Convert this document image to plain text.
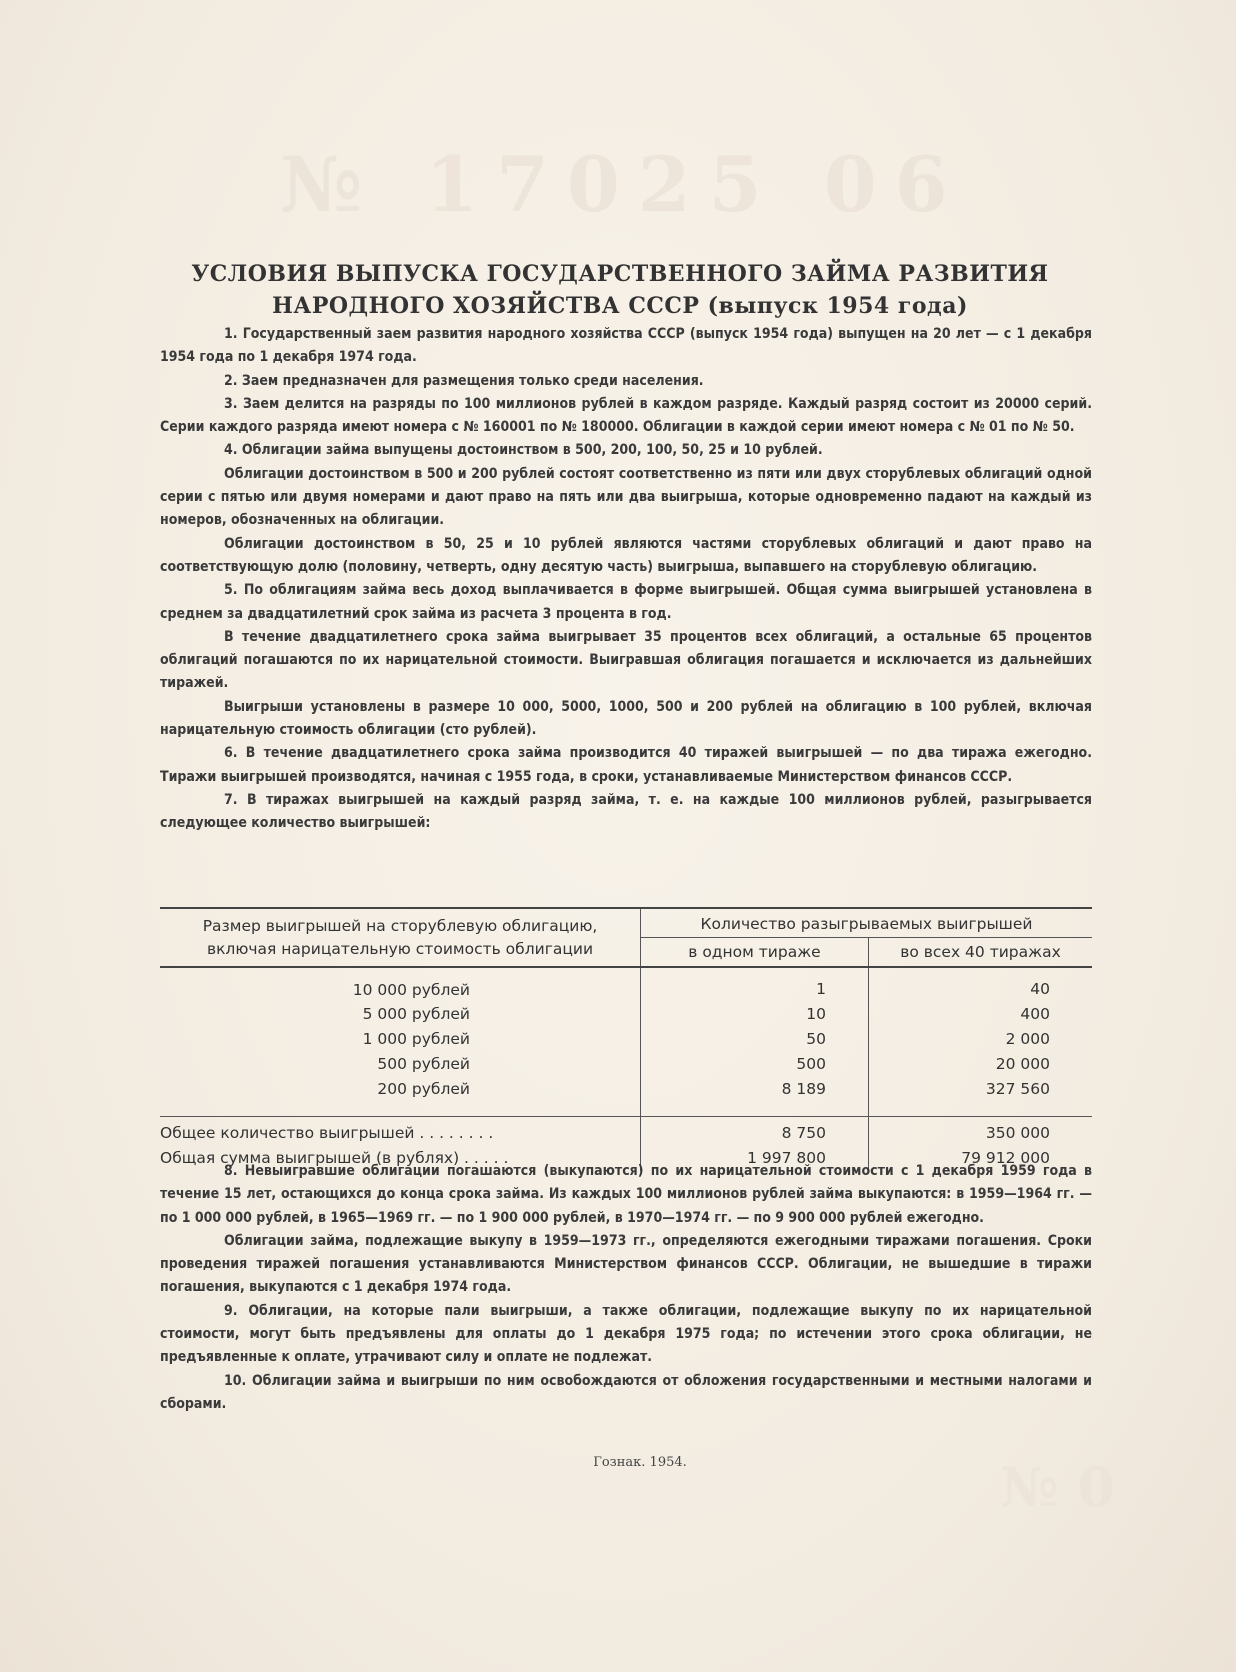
№ 17025 06
№ 0
УСЛОВИЯ ВЫПУСКА ГОСУДАРСТВЕННОГО ЗАЙМА РАЗВИТИЯ
НАРОДНОГО ХОЗЯЙСТВА СССР (выпуск 1954 года)

1. Государственный заем развития народного хозяйства СССР (выпуск 1954 года) выпущен на 20 лет — с 1 декабря 1954 года по 1 декабря 1974 года.

2. Заем предназначен для размещения только среди населения.

3. Заем делится на разряды по 100 миллионов рублей в каждом разряде. Каждый разряд состоит из 20000 серий. Серии каждого разряда имеют номера с № 160001 по № 180000. Облигации в каждой серии имеют номера с № 01 по № 50.

4. Облигации займа выпущены достоинством в 500, 200, 100, 50, 25 и 10 рублей.

Облигации достоинством в 500 и 200 рублей состоят соответственно из пяти или двух сторублевых облигаций одной серии с пятью или двумя номерами и дают право на пять или два выигрыша, которые одновременно падают на каждый из номеров, обозначенных на облигации.

Облигации достоинством в 50, 25 и 10 рублей являются частями сторублевых облигаций и дают право на соответствующую долю (половину, четверть, одну десятую часть) выигрыша, выпавшего на сторублевую облигацию.

5. По облигациям займа весь доход выплачивается в форме выигрышей. Общая сумма выигрышей установлена в среднем за двадцатилетний срок займа из расчета 3 процента в год.

В течение двадцатилетнего срока займа выигрывает 35 процентов всех облигаций, а остальные 65 процентов облигаций погашаются по их нарицательной стоимости. Выигравшая облигация погашается и исключается из дальнейших тиражей.

Выигрыши установлены в размере 10 000, 5000, 1000, 500 и 200 рублей на облигацию в 100 рублей, включая нарицательную стоимость облигации (сто рублей).

6. В течение двадцатилетнего срока займа производится 40 тиражей выигрышей — по два тиража ежегодно. Тиражи выигрышей производятся, начиная с 1955 года, в сроки, устанавливаемые Министерством финансов СССР.

7. В тиражах выигрышей на каждый разряд займа, т. е. на каждые 100 миллионов рублей, разыгрывается следующее количество выигрышей:

Размер выигрышей на сторублевую облигацию, включая нарицательную стоимость облигации	Количество разыгрываемых выигрышей	
	в одном тираже	во всех 40 тиражах
10 000 рублей	1	40
5 000 рублей	10	400
1 000 рублей	50	2 000
500 рублей	500	20 000
200 рублей	8 189	327 560

Общее количество выигрышей . . . . . . . .	8 750	350 000
Общая сумма выигрышей (в рублях) . . . . .	1 997 800	79 912 000

8. Невыигравшие облигации погашаются (выкупаются) по их нарицательной стоимости с 1 декабря 1959 года в течение 15 лет, остающихся до конца срока займа. Из каждых 100 миллионов рублей займа выкупаются: в 1959—1964 гг. — по 1 000 000 рублей, в 1965—1969 гг. — по 1 900 000 рублей, в 1970—1974 гг. — по 9 900 000 рублей ежегодно.

Облигации займа, подлежащие выкупу в 1959—1973 гг., определяются ежегодными тиражами погашения. Сроки проведения тиражей погашения устанавливаются Министерством финансов СССР. Облигации, не вышедшие в тиражи погашения, выкупаются с 1 декабря 1974 года.

9. Облигации, на которые пали выигрыши, а также облигации, подлежащие выкупу по их нарицательной стоимости, могут быть предъявлены для оплаты до 1 декабря 1975 года; по истечении этого срока облигации, не предъявленные к оплате, утрачивают силу и оплате не подлежат.

10. Облигации займа и выигрыши по ним освобождаются от обложения государственными и местными налогами и сборами.

Гознак. 1954.
